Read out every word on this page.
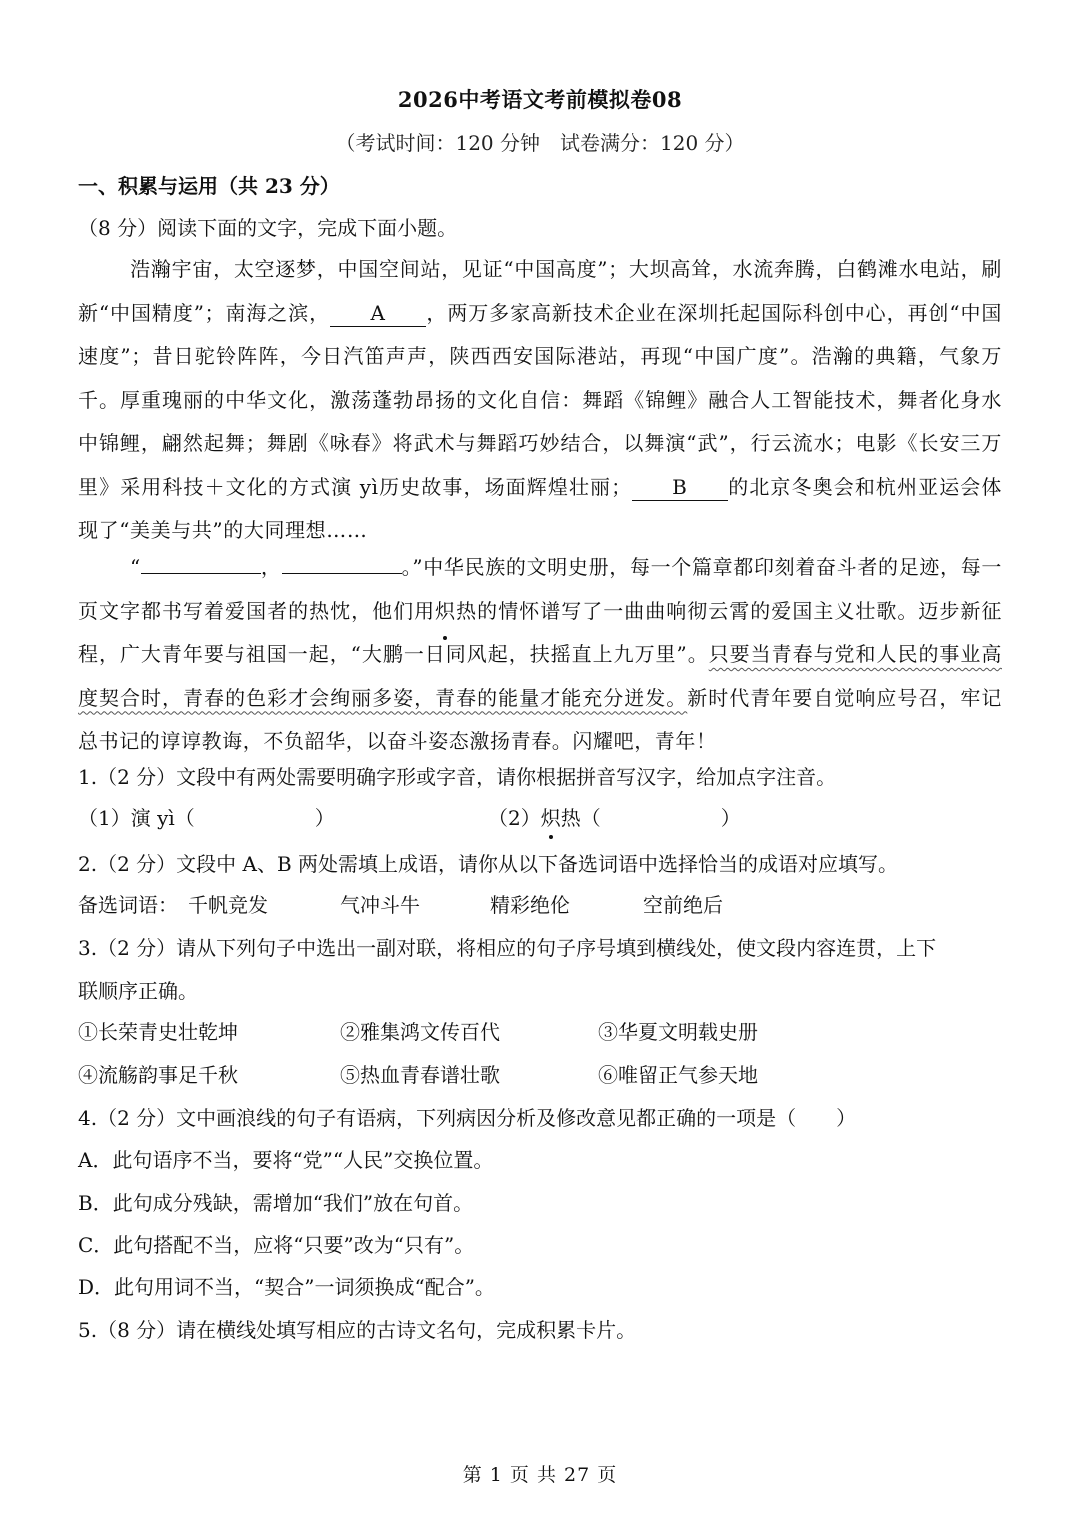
2026中考语文考前模拟卷08
（考试时间：120 分钟　试卷满分：120 分）
一、积累与运用（共 23 分）
（8 分）阅读下面的文字，完成下面小题。
浩瀚宇宙，太空逐梦，中国空间站，见证“中国高度”；大坝高耸，水流奔腾，白鹤滩水电站，刷新“中国精度”；南海之滨， A ，两万多家高新技术企业在深圳托起国际科创中心，再创“中国速度”；昔日驼铃阵阵，今日汽笛声声，陕西西安国际港站，再现“中国广度”。浩瀚的典籍，气象万千。厚重瑰丽的中华文化，激荡蓬勃昂扬的文化自信：舞蹈《锦鲤》融合人工智能技术，舞者化身水中锦鲤，翩然起舞；舞剧《咏春》将武术与舞蹈巧妙结合，以舞演“武”，行云流水；电影《长安三万里》采用科技＋文化的方式演 yì历史故事，场面辉煌壮丽； B 的北京冬奥会和杭州亚运会体现了“美美与共”的大同理想……
“	，	。”中华民族的文明史册，每一个篇章都印刻着奋斗者的足迹，每一页文字都书写着爱国者的热忱，他们用炽热的情怀谱写了一曲曲响彻云霄的爱国主义壮歌。迈步新征程，广大青年要与祖国一起，“大鹏一日同风起，扶摇直上九万里”。只要当青春与党和人民的事业高度契合时，青春的色彩才会绚丽多姿，青春的能量才能充分迸发。新时代青年要自觉响应号召，牢记总书记的谆谆教诲，不负韶华，以奋斗姿态激扬青春。闪耀吧，青年！
1.（2 分）文段中有两处需要明确字形或字音，请你根据拼音写汉字，给加点字注音。
（1）演 yì（　　　　　　）	（2）炽热（　　　　　　）
2.（2 分）文段中 A、B 两处需填上成语，请你从以下备选词语中选择恰当的成语对应填写。
备选词语： 千帆竞发	气冲斗牛	精彩绝伦	空前绝后
3.（2 分）请从下列句子中选出一副对联，将相应的句子序号填到横线处，使文段内容连贯，上下
联顺序正确。
①长荣青史壮乾坤	②雅集鸿文传百代	③华夏文明载史册
④流觞韵事足千秋	⑤热血青春谱壮歌	⑥唯留正气参天地
4.（2 分）文中画浪线的句子有语病，下列病因分析及修改意见都正确的一项是（　　）
A．此句语序不当，要将“党”“人民”交换位置。
B．此句成分残缺，需增加“我们”放在句首。
C．此句搭配不当，应将“只要”改为“只有”。
D．此句用词不当，“契合”一词须换成“配合”。
5.（8 分）请在横线处填写相应的古诗文名句，完成积累卡片。
第 1 页 共 27 页
